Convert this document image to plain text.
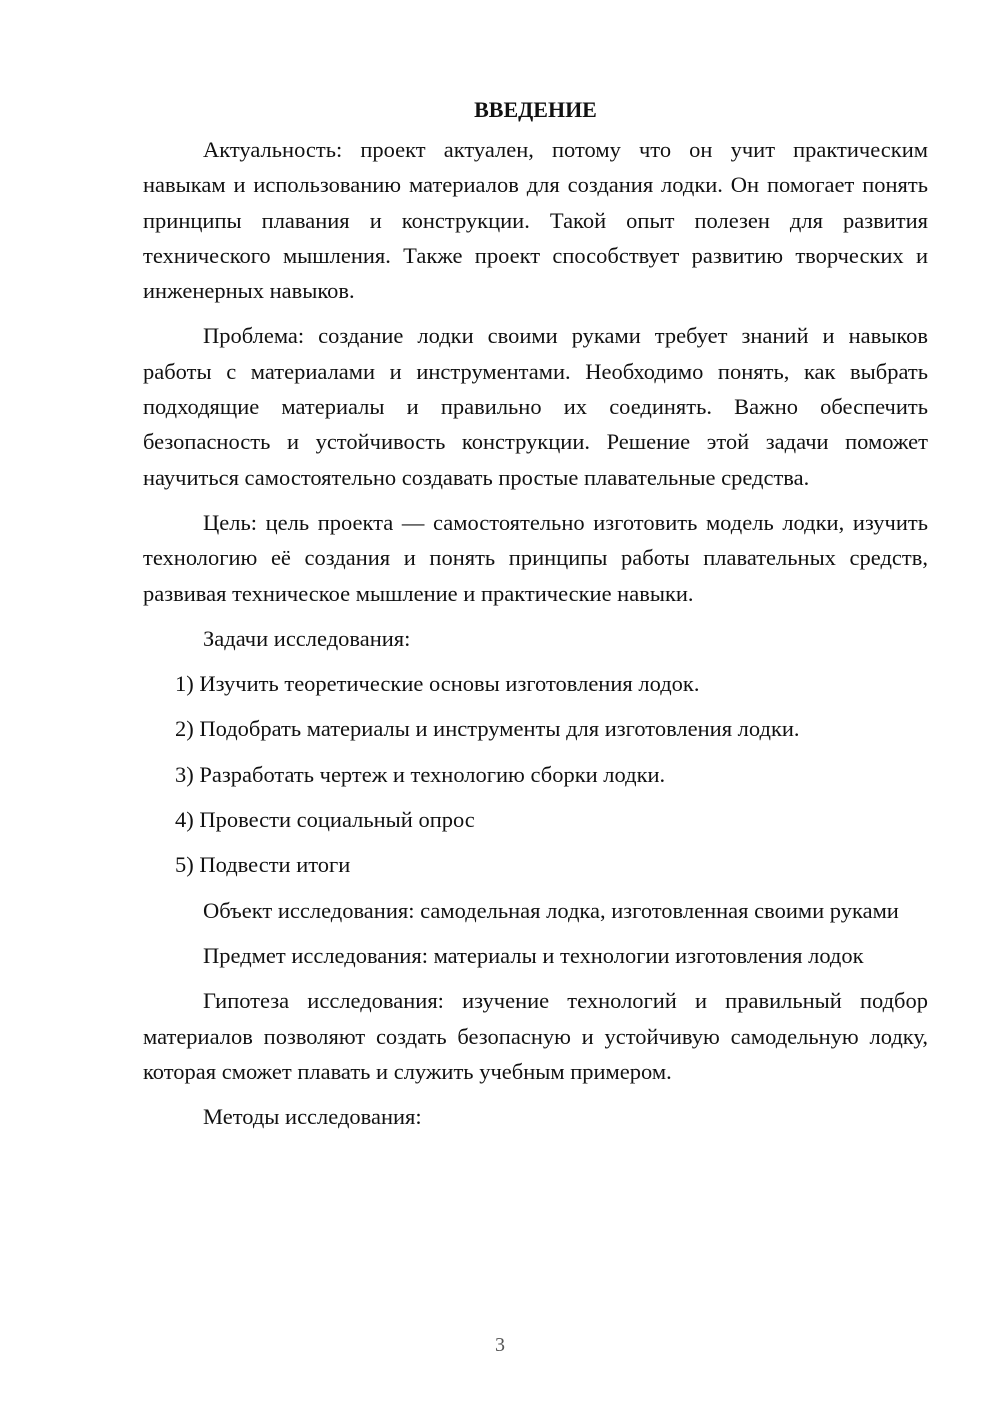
ВВЕДЕНИЕ

Актуальность: проект актуален, потому что он учит практическим навыкам и использованию материалов для создания лодки. Он помогает понять принципы плавания и конструкции. Такой опыт полезен для развития технического мышления. Также проект способствует развитию творческих и инженерных навыков.

Проблема: создание лодки своими руками требует знаний и навыков работы с материалами и инструментами. Необходимо понять, как выбрать подходящие материалы и правильно их соединять. Важно обеспечить безопасность и устойчивость конструкции. Решение этой задачи поможет научиться самостоятельно создавать простые плавательные средства.

Цель: цель проекта — самостоятельно изготовить модель лодки, изучить технологию её создания и понять принципы работы плавательных средств, развивая техническое мышление и практические навыки.

Задачи исследования:

1) Изучить теоретические основы изготовления лодок.

2) Подобрать материалы и инструменты для изготовления лодки.

3) Разработать чертеж и технологию сборки лодки.

4) Провести социальный опрос

5) Подвести итоги

Объект исследования: самодельная лодка, изготовленная своими руками

Предмет исследования: материалы и технологии изготовления лодок

Гипотеза исследования: изучение технологий и правильный подбор материалов позволяют создать безопасную и устойчивую самодельную лодку, которая сможет плавать и служить учебным примером.

Методы исследования:

3
